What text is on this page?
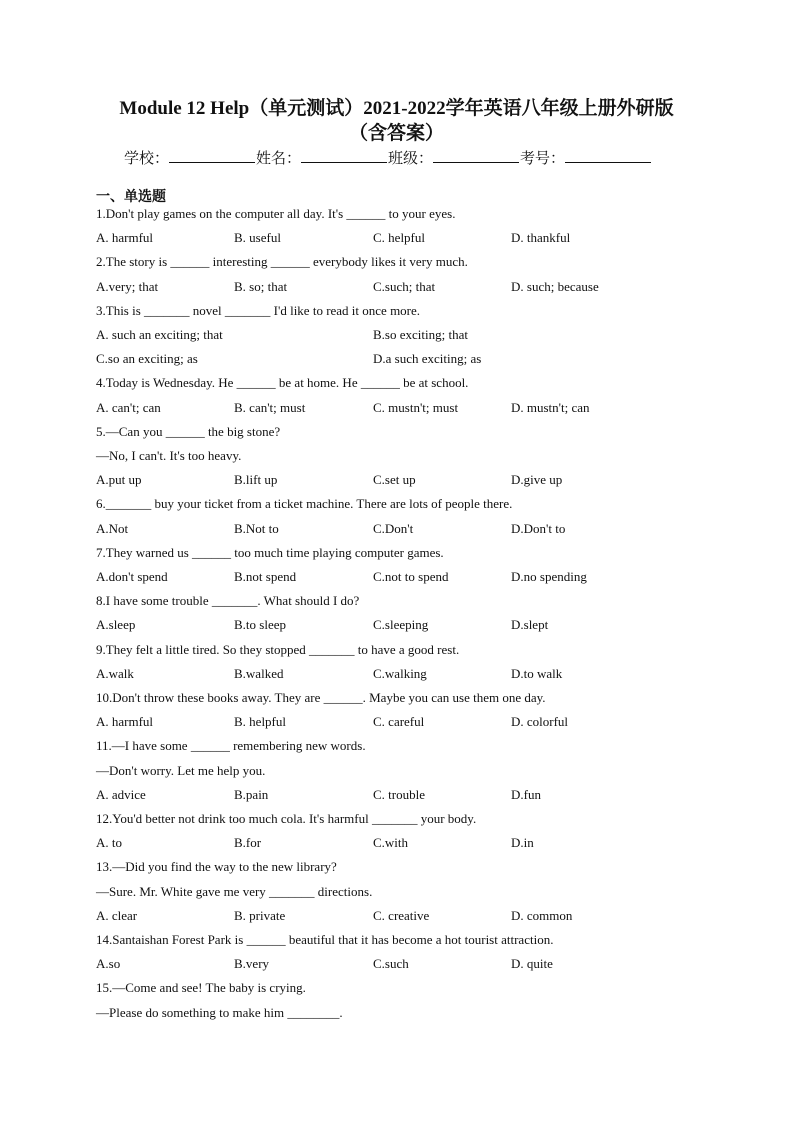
Module 12 Help（单元测试）2021-2022学年英语八年级上册外研版
（含答案）
学校：	姓名：	班级：	考号：
一、单选题
1.Don't play games on the computer all day. It's ______ to your eyes.
A. harmful	B. useful	C. helpful	D. thankful
2.The story is ______ interesting ______ everybody likes it very much.
A.very; that	B. so; that	C.such; that	D. such; because
3.This is _______ novel _______ I'd like to read it once more.
A. such an exciting; that	B.so exciting; that
C.so an exciting; as	D.a such exciting; as
4.Today is Wednesday. He ______ be at home. He ______ be at school.
A. can't; can	B. can't; must	C. mustn't; must	D. mustn't; can
5.—Can you ______ the big stone?
—No, I can't. It's too heavy.
A.put up	B.lift up	C.set up	D.give up
6._______ buy your ticket from a ticket machine. There are lots of people there.
A.Not	B.Not to	C.Don't	D.Don't to
7.They warned us ______ too much time playing computer games.
A.don't spend	B.not spend	C.not to spend	D.no spending
8.I have some trouble _______. What should I do?
A.sleep	B.to sleep	C.sleeping	D.slept
9.They felt a little tired. So they stopped _______ to have a good rest.
A.walk	B.walked	C.walking	D.to walk
10.Don't throw these books away. They are ______. Maybe you can use them one day.
A. harmful	B. helpful	C. careful	D. colorful
11.—I have some ______ remembering new words.
—Don't worry. Let me help you.
A. advice	B.pain	C. trouble	D.fun
12.You'd better not drink too much cola. It's harmful _______ your body.
A. to	B.for	C.with	D.in
13.—Did you find the way to the new library?
—Sure. Mr. White gave me very _______ directions.
A. clear	B. private	C. creative	D. common
14.Santaishan Forest Park is ______ beautiful that it has become a hot tourist attraction.
A.so	B.very	C.such	D. quite
15.—Come and see! The baby is crying.
—Please do something to make him ________.
